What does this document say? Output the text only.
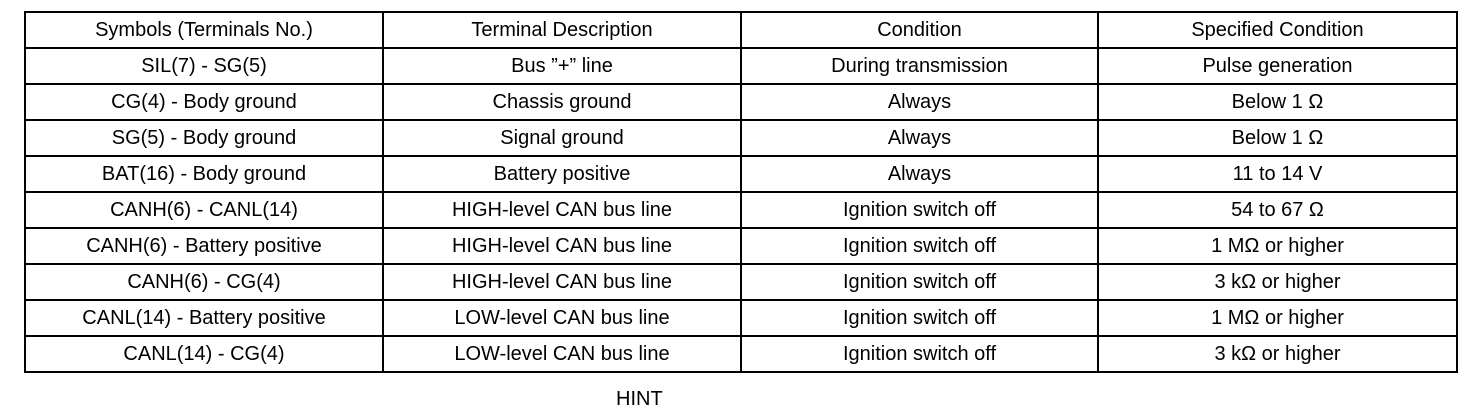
Symbols (Terminals No.)	Terminal Description	Condition	Specified Condition
SIL(7) - SG(5)	Bus ”+” line	During transmission	Pulse generation
CG(4) - Body ground	Chassis ground	Always	Below 1 Ω
SG(5) - Body ground	Signal ground	Always	Below 1 Ω
BAT(16) - Body ground	Battery positive	Always	11 to 14 V
CANH(6) - CANL(14)	HIGH-level CAN bus line	Ignition switch off	54 to 67 Ω
CANH(6) - Battery positive	HIGH-level CAN bus line	Ignition switch off	1 MΩ or higher
CANH(6) - CG(4)	HIGH-level CAN bus line	Ignition switch off	3 kΩ or higher
CANL(14) - Battery positive	LOW-level CAN bus line	Ignition switch off	1 MΩ or higher
CANL(14) - CG(4)	LOW-level CAN bus line	Ignition switch off	3 kΩ or higher
HINT
